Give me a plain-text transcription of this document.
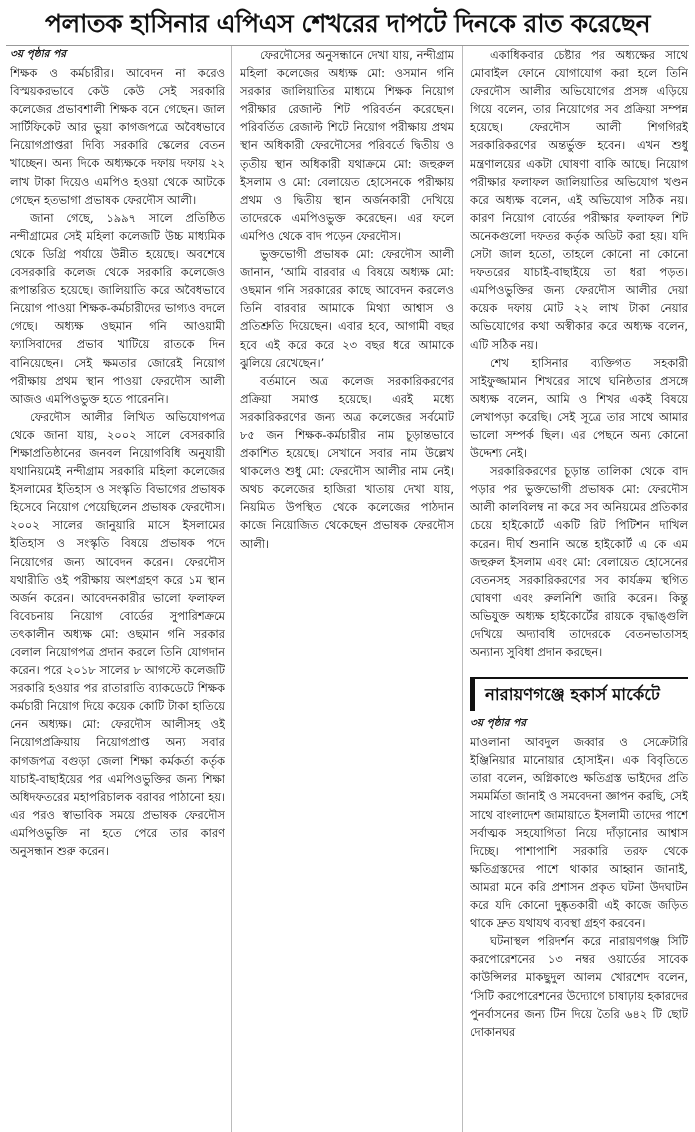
পলাতক হাসিনার এপিএস শেখরের দাপটে দিনকে রাত করেছেন
৩য় পৃষ্ঠার পর

শিক্ষক ও কর্মচারীর। আবেদন না করেও বিস্ময়করভাবে কেউ কেউ সেই সরকারি কলেজের প্রভাবশালী শিক্ষক বনে গেছেন। জাল সার্টিফিকেট আর ভুয়া কাগজপত্রে অবৈধভাবে নিয়োগপ্রাপ্তরা দিব্যি সরকারি স্কেলের বেতন খাচ্ছেন। অন্য দিকে অধ্যক্ষকে দফায় দফায় ২২ লাখ টাকা দিয়েও এমপিও হওয়া থেকে আটকে গেছেন হতভাগা প্রভাষক ফেরদৌস আলী।

জানা গেছে, ১৯৯৭ সালে প্রতিষ্ঠিত নন্দীগ্রামের সেই মহিলা কলেজটি উচ্চ মাধ্যমিক থেকে ডিগ্রি পর্যায়ে উন্নীত হয়েছে। অবশেষে বেসরকারি কলেজ থেকে সরকারি কলেজেও রূপান্তরিত হয়েছে। জালিয়াতি করে অবৈধভাবে নিয়োগ পাওয়া শিক্ষক-কর্মচারীদের ভাগ্যও বদলে গেছে। অধ্যক্ষ ওছমান গনি আওয়ামী ফ্যাসিবাদের প্রভাব খাটিয়ে রাতকে দিন বানিয়েছেন। সেই ক্ষমতার জোরেই নিয়োগ পরীক্ষায় প্রথম স্থান পাওয়া ফেরদৌস আলী আজও এমপিওভুক্ত হতে পারেননি।

ফেরদৌস আলীর লিখিত অভিযোগপত্র থেকে জানা যায়, ২০০২ সালে বেসরকারি শিক্ষাপ্রতিষ্ঠানের জনবল নিয়োগবিধি অনুযায়ী যথানিয়মেই নন্দীগ্রাম সরকারি মহিলা কলেজের ইসলামের ইতিহাস ও সংস্কৃতি বিভাগের প্রভাষক হিসেবে নিয়োগ পেয়েছিলেন প্রভাষক ফেরদৌস। ২০০২ সালের জানুয়ারি মাসে ইসলামের ইতিহাস ও সংস্কৃতি বিষয়ে প্রভাষক পদে নিয়োগের জন্য আবেদন করেন। ফেরদৌস যথারীতি ওই পরীক্ষায় অংশগ্রহণ করে ১ম স্থান অর্জন করেন। আবেদনকারীর ভালো ফলাফল বিবেচনায় নিয়োগ বোর্ডের সুপারিশক্রমে তৎকালীন অধ্যক্ষ মো: ওছমান গনি সরকার বেলাল নিয়োগপত্র প্রদান করলে তিনি যোগদান করেন। পরে ২০১৮ সালের ৮ আগস্টে কলেজটি সরকারি হওয়ার পর রাতারাতি ব্যাকডেটে শিক্ষক কর্মচারী নিয়োগ দিয়ে কয়েক কোটি টাকা হাতিয়ে নেন অধ্যক্ষ। মো: ফেরদৌস আলীসহ ওই নিয়োগপ্রক্রিয়ায় নিয়োগপ্রাপ্ত অন্য সবার কাগজপত্র বগুড়া জেলা শিক্ষা কর্মকর্তা কর্তৃক যাচাই-বাছাইয়ের পর এমপিওভুক্তির জন্য শিক্ষা অধিদফতরের মহাপরিচালক বরাবর পাঠানো হয়। এর পরও স্বাভাবিক সময়ে প্রভাষক ফেরদৌস এমপিওভুক্তি না হতে পেরে তার কারণ অনুসন্ধান শুরু করেন।

ফেরদৌসের অনুসন্ধানে দেখা যায়, নন্দীগ্রাম মহিলা কলেজের অধ্যক্ষ মো: ওসমান গনি সরকার জালিয়াতির মাধ্যমে শিক্ষক নিয়োগ পরীক্ষার রেজাল্ট শিট পরিবর্তন করেছেন। পরিবর্তিত রেজাল্ট শিটে নিয়োগ পরীক্ষায় প্রথম স্থান অধিকারী ফেরদৌসের পরিবর্তে দ্বিতীয় ও তৃতীয় স্থান অধিকারী যথাক্রমে মো: জহুরুল ইসলাম ও মো: বেলায়েত হোসেনকে পরীক্ষায় প্রথম ও দ্বিতীয় স্থান অর্জনকারী দেখিয়ে তাদেরকে এমপিওভুক্ত করেছেন। এর ফলে এমপিও থেকে বাদ পড়েন ফেরদৌস।

ভুক্তভোগী প্রভাষক মো: ফেরদৌস আলী জানান, ‘আমি বারবার এ বিষয়ে অধ্যক্ষ মো: ওছমান গনি সরকারের কাছে আবেদন করলেও তিনি বারবার আমাকে মিথ্যা আশ্বাস ও প্রতিশ্রুতি দিয়েছেন। এবার হবে, আগামী বছর হবে এই করে করে ২৩ বছর ধরে আমাকে ঝুলিয়ে রেখেছেন।’

বর্তমানে অত্র কলেজ সরকারিকরণের প্রক্রিয়া সমাপ্ত হয়েছে। এরই মধ্যে সরকারিকরণের জন্য অত্র কলেজের সর্বমোট ৮৫ জন শিক্ষক-কর্মচারীর নাম চূড়ান্তভাবে প্রকাশিত হয়েছে। সেখানে সবার নাম উল্লেখ থাকলেও শুধু মো: ফেরদৌস আলীর নাম নেই। অথচ কলেজের হাজিরা খাতায় দেখা যায়, নিয়মিত উপস্থিত থেকে কলেজের পাঠদান কাজে নিয়োজিত থেকেছেন প্রভাষক ফেরদৌস আলী।

একাধিকবার চেষ্টার পর অধ্যক্ষের সাথে মোবাইল ফোনে যোগাযোগ করা হলে তিনি ফেরদৌস আলীর অভিযোগের প্রসঙ্গ এড়িয়ে গিয়ে বলেন, তার নিয়োগের সব প্রক্রিয়া সম্পন্ন হয়েছে। ফেরদৌস আলী শিগগিরই সরকারিকরণের অন্তর্ভুক্ত হবেন। এখন শুধু মন্ত্রণালয়ের একটা ঘোষণা বাকি আছে। নিয়োগ পরীক্ষার ফলাফল জালিয়াতির অভিযোগ খণ্ডন করে অধ্যক্ষ বলেন, এই অভিযোগ সঠিক নয়। কারণ নিয়োগ বোর্ডের পরীক্ষার ফলাফল শিট অনেকগুলো দফতর কর্তৃক অডিট করা হয়। যদি সেটা জাল হতো, তাহলে কোনো না কোনো দফতরের যাচাই-বাছাইয়ে তা ধরা পড়ত। এমপিওভুক্তির জন্য ফেরদৌস আলীর দেয়া কয়েক দফায় মোট ২২ লাখ টাকা নেয়ার অভিযোগের কথা অস্বীকার করে অধ্যক্ষ বলেন, এটি সঠিক নয়।

শেখ হাসিনার ব্যক্তিগত সহকারী সাইফুজ্জামান শিখরের সাথে ঘনিষ্ঠতার প্রসঙ্গে অধ্যক্ষ বলেন, আমি ও শিখর একই বিষয়ে লেখাপড়া করেছি। সেই সূত্রে তার সাথে আমার ভালো সম্পর্ক ছিল। এর পেছনে অন্য কোনো উদ্দেশ্য নেই।

সরকারিকরণের চূড়ান্ত তালিকা থেকে বাদ পড়ার পর ভুক্তভোগী প্রভাষক মো: ফেরদৌস আলী কালবিলম্ব না করে সব অনিয়মের প্রতিকার চেয়ে হাইকোর্টে একটি রিট পিটিশন দাখিল করেন। দীর্ঘ শুনানি অন্তে হাইকোর্ট এ কে এম জহুরুল ইসলাম এবং মো: বেলায়েত হোসেনের বেতনসহ সরকারিকরণের সব কার্যক্রম স্থগিত ঘোষণা এবং রুলনিশি জারি করেন। কিন্তু অভিযুক্ত অধ্যক্ষ হাইকোর্টের রায়কে বৃদ্ধাঙ্গুলি দেখিয়ে অদ্যাবধি তাদেরকে বেতনভাতাসহ অন্যান্য সুবিধা প্রদান করছেন।

নারায়ণগঞ্জে হকার্স মার্কেটে
৩য় পৃষ্ঠার পর

মাওলানা আবদুল জব্বার ও সেক্রেটারি ইঞ্জিনিয়ার মানোয়ার হোসাইন। এক বিবৃতিতে তারা বলেন, অগ্নিকাণ্ডে ক্ষতিগ্রস্ত ভাইদের প্রতি সমমর্মিতা জানাই ও সমবেদনা জ্ঞাপন করছি, সেই সাথে বাংলাদেশ জামায়াতে ইসলামী তাদের পাশে সর্বাত্মক সহযোগিতা নিয়ে দাঁড়ানোর আশ্বাস দিচ্ছে। পাশাপাশি সরকারি তরফ থেকে ক্ষতিগ্রস্তদের পাশে থাকার আহ্বান জানাই, আমরা মনে করি প্রশাসন প্রকৃত ঘটনা উদঘাটন করে যদি কোনো দুষ্কৃতকারী এই কাজে জড়িত থাকে দ্রুত যথাযথ ব্যবস্থা গ্রহণ করবেন।

ঘটনাস্থল পরিদর্শন করে নারায়ণগঞ্জ সিটি করপোরেশনের ১৩ নম্বর ওয়ার্ডের সাবেক কাউন্সিলর মাকছুদুল আলম খোরশেদ বলেন, ‘সিটি করপোরেশনের উদ্যোগে চাষাঢ়ায় হকারদের পুনর্বাসনের জন্য টিন দিয়ে তৈরি ৬৪২ টি ছোট দোকানঘর
